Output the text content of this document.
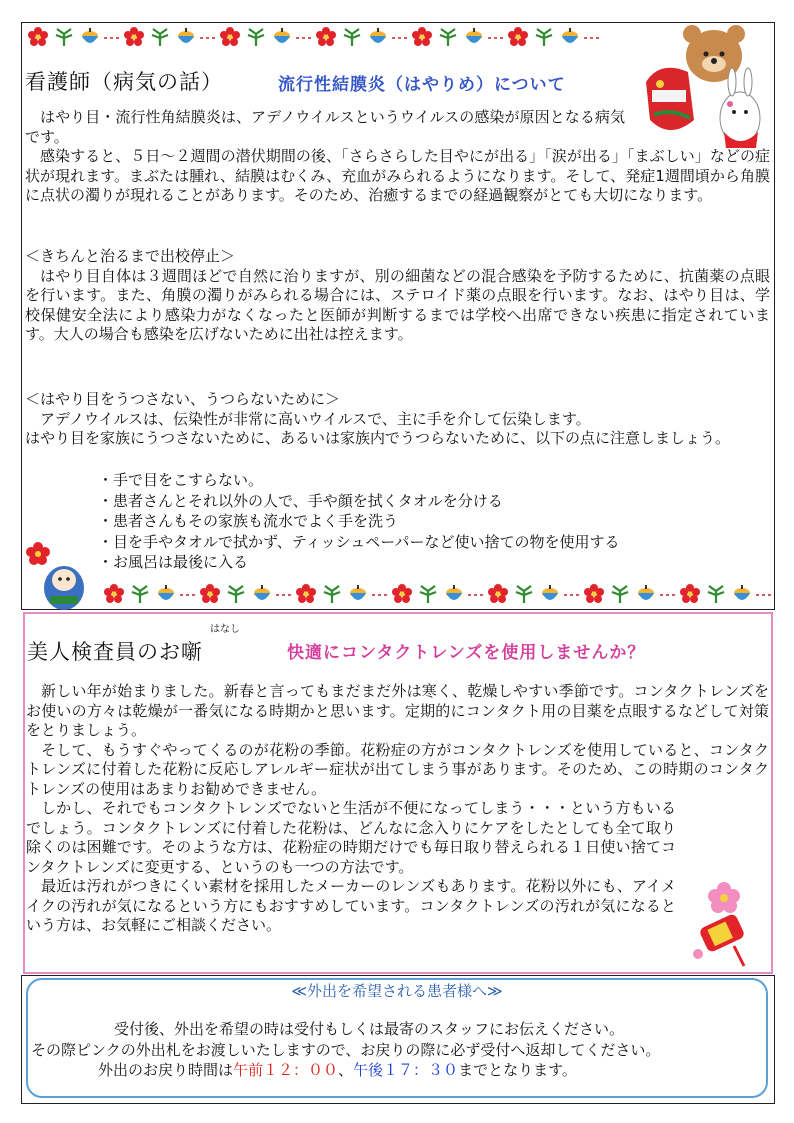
看護師（病気の話）	流行性結膜炎（はやりめ）について

はやり目・流行性角結膜炎は、アデノウイルスというウイルスの感染が原因となる病気です。

感染すると、５日〜２週間の潜伏期間の後、「さらさらした目やにが出る」「涙が出る」「まぶしい」などの症状が現れます。まぶたは腫れ、結膜はむくみ、充血がみられるようになります。そして、発症1週間頃から角膜に点状の濁りが現れることがあります。そのため、治癒するまでの経過観察がとても大切になります。

＜きちんと治るまで出校停止＞

はやり目自体は３週間ほどで自然に治りますが、別の細菌などの混合感染を予防するために、抗菌薬の点眼を行います。また、角膜の濁りがみられる場合には、ステロイド薬の点眼を行います。なお、はやり目は、学校保健安全法により感染力がなくなったと医師が判断するまでは学校へ出席できない疾患に指定されています。大人の場合も感染を広げないために出社は控えます。

＜はやり目をうつさない、うつらないために＞

アデノウイルスは、伝染性が非常に高いウイルスで、主に手を介して伝染します。

はやり目を家族にうつさないために、あるいは家族内でうつらないために、以下の点に注意しましょう。

・手で目をこすらない。
・患者さんとそれ以外の人で、手や顔を拭くタオルを分ける
・患者さんもその家族も流水でよく手を洗う
・目を手やタオルで拭かず、ティッシュペーパーなど使い捨ての物を使用する
・お風呂は最後に入る
はなし
美人検査員のお噺	快適にコンタクトレンズを使用しませんか？

新しい年が始まりました。新春と言ってもまだまだ外は寒く、乾燥しやすい季節です。コンタクトレンズをお使いの方々は乾燥が一番気になる時期かと思います。定期的にコンタクト用の目薬を点眼するなどして対策をとりましょう。

そして、もうすぐやってくるのが花粉の季節。花粉症の方がコンタクトレンズを使用していると、コンタクトレンズに付着した花粉に反応しアレルギー症状が出てしまう事があります。そのため、この時期のコンタクトレンズの使用はあまりお勧めできません。

しかし、それでもコンタクトレンズでないと生活が不便になってしまう・・・という方もいるでしょう。コンタクトレンズに付着した花粉は、どんなに念入りにケアをしたとしても全て取り除くのは困難です。そのような方は、花粉症の時期だけでも毎日取り替えられる１日使い捨てコンタクトレンズに変更する、というのも一つの方法です。

最近は汚れがつきにくい素材を採用したメーカーのレンズもあります。花粉以外にも、アイメイクの汚れが気になるという方にもおすすめしています。コンタクトレンズの汚れが気になるという方は、お気軽にご相談ください。

≪外出を希望される患者様へ≫
受付後、外出を希望の時は受付もしくは最寄のスタッフにお伝えください。
その際ピンクの外出札をお渡しいたしますので、お戻りの際に必ず受付へ返却してください。
外出のお戻り時間は午前１２：００、午後１７：３０までとなります。
